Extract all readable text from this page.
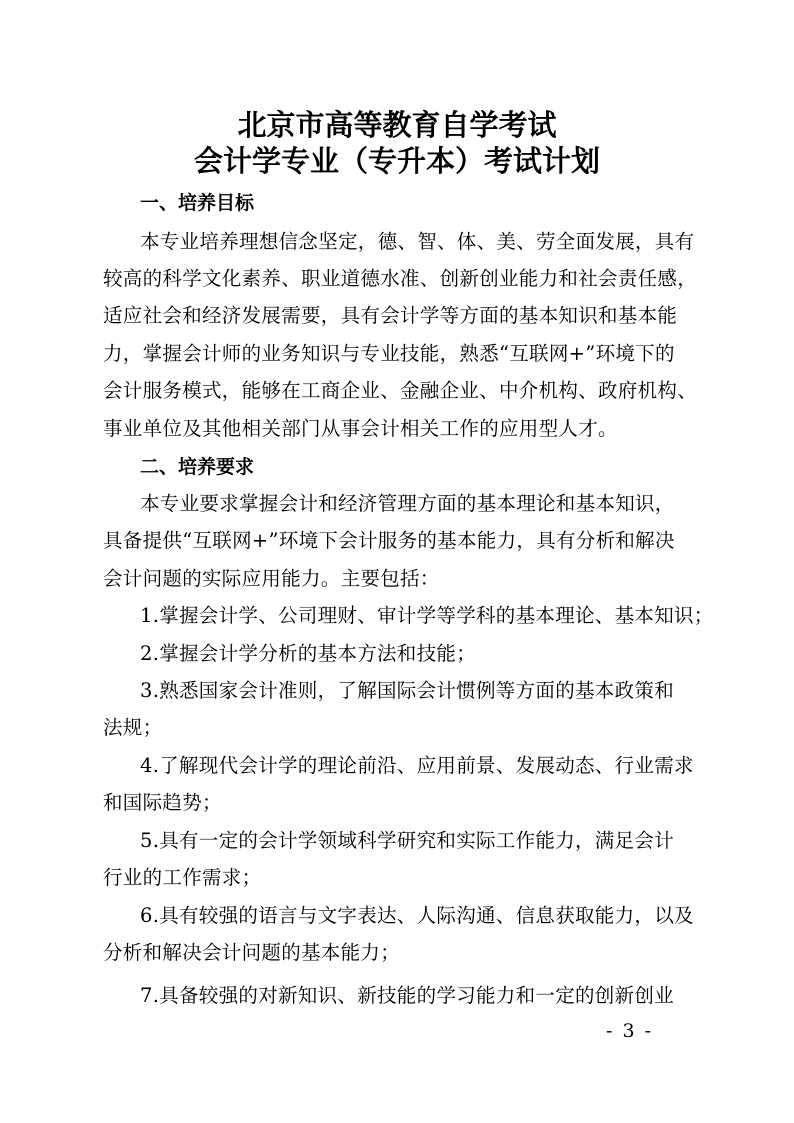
北京市高等教育自学考试
会计学专业（专升本）考试计划
一、培养目标
本专业培养理想信念坚定，德、智、体、美、劳全面发展，具有
较高的科学文化素养、职业道德水准、创新创业能力和社会责任感，
适应社会和经济发展需要，具有会计学等方面的基本知识和基本能
力，掌握会计师的业务知识与专业技能，熟悉“互联网+”环境下的
会计服务模式，能够在工商企业、金融企业、中介机构、政府机构、
事业单位及其他相关部门从事会计相关工作的应用型人才。
二、培养要求
本专业要求掌握会计和经济管理方面的基本理论和基本知识，
具备提供“互联网+”环境下会计服务的基本能力，具有分析和解决
会计问题的实际应用能力。主要包括：
1.掌握会计学、公司理财、审计学等学科的基本理论、基本知识；
2.掌握会计学分析的基本方法和技能；
3.熟悉国家会计准则，了解国际会计惯例等方面的基本政策和
法规；
4.了解现代会计学的理论前沿、应用前景、发展动态、行业需求
和国际趋势；
5.具有一定的会计学领域科学研究和实际工作能力，满足会计
行业的工作需求；
6.具有较强的语言与文字表达、人际沟通、信息获取能力，以及
分析和解决会计问题的基本能力；
7.具备较强的对新知识、新技能的学习能力和一定的创新创业
- 3 -
